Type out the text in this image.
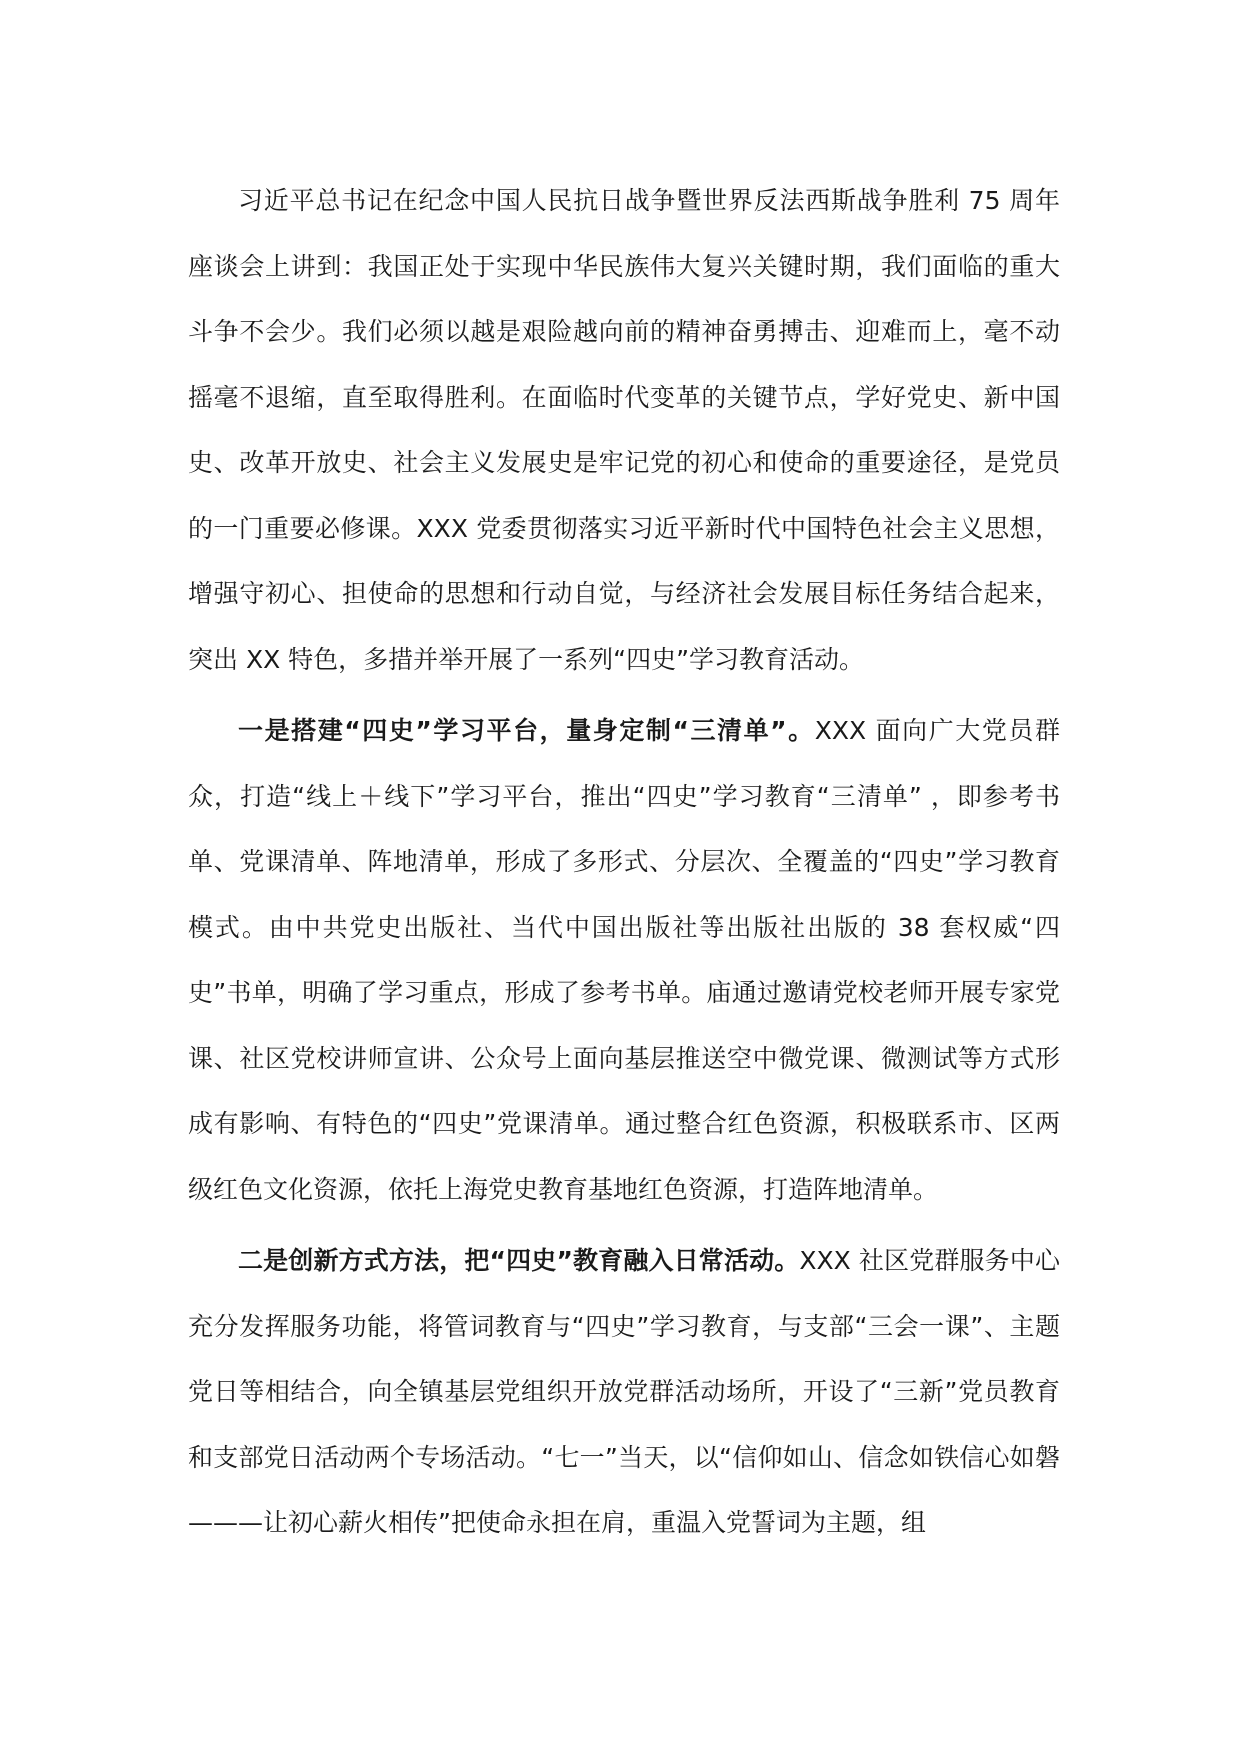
习近平总书记在纪念中国人民抗日战争暨世界反法西斯战争胜利 75 周年座谈会上讲到：我国正处于实现中华民族伟大复兴关键时期，我们面临的重大斗争不会少。我们必须以越是艰险越向前的精神奋勇搏击、迎难而上，毫不动摇毫不退缩，直至取得胜利。在面临时代变革的关键节点，学好党史、新中国史、改革开放史、社会主义发展史是牢记党的初心和使命的重要途径，是党员的一门重要必修课。XXX 党委贯彻落实习近平新时代中国特色社会主义思想，增强守初心、担使命的思想和行动自觉，与经济社会发展目标任务结合起来，突出 XX 特色，多措并举开展了一系列“四史”学习教育活动。

一是搭建“四史”学习平台，量身定制“三清单”。XXX 面向广大党员群众，打造“线上＋线下”学习平台，推出“四史”学习教育“三清单” ，即参考书单、党课清单、阵地清单，形成了多形式、分层次、全覆盖的“四史”学习教育模式。由中共党史出版社、当代中国出版社等出版社出版的 38 套权威“四史”书单，明确了学习重点，形成了参考书单。庙通过邀请党校老师开展专家党课、社区党校讲师宣讲、公众号上面向基层推送空中微党课、微测试等方式形成有影响、有特色的“四史”党课清单。通过整合红色资源，积极联系市、区两级红色文化资源，依托上海党史教育基地红色资源，打造阵地清单。

二是创新方式方法，把“四史”教育融入日常活动。XXX 社区党群服务中心充分发挥服务功能，将管词教育与“四史”学习教育，与支部“三会一课”、主题党日等相结合，向全镇基层党组织开放党群活动场所，开设了“三新”党员教育和支部党日活动两个专场活动。“七一”当天，以“信仰如山、信念如铁信心如磐———让初心薪火相传”把使命永担在肩，重温入党誓词为主题，组
